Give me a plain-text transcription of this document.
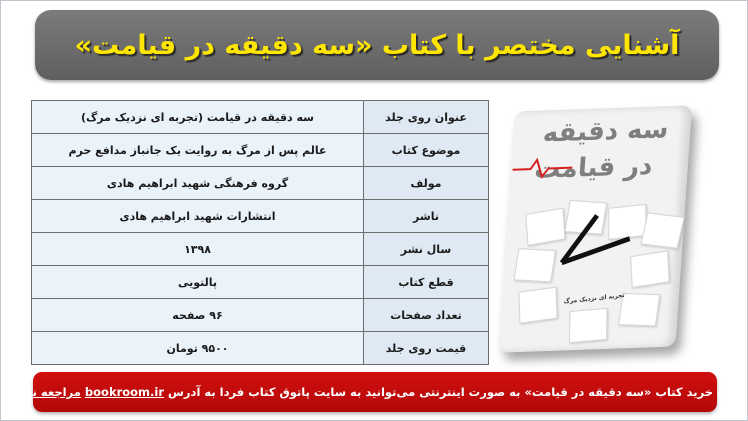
آشنایی مختصر با کتاب «سه دقیقه در قیامت»
عنوان روی جلد	سه دقیقه در قیامت (تجربه ای نزدیک مرگ)
موضوع کتاب	عالم پس از مرگ به روایت یک جانباز مدافع حرم
مولف	گروه فرهنگی شهید ابراهیم هادی
ناشر	انتشارات شهید ابراهیم هادی
سال نشر	۱۳۹۸
قطع کتاب	پالتویی
تعداد صفحات	۹۶ صفحه
قیمت روی جلد	۹۵۰۰ تومان
سه دقیقه
در قیامت
تجربه ای نزدیک مرگ
جهت خرید کتاب «سه دقیقه در قیامت» به صورت اینترنتی می‌توانید به سایت پاتوق کتاب فردا به آدرس bookroom.ir مراجعه نمایید
